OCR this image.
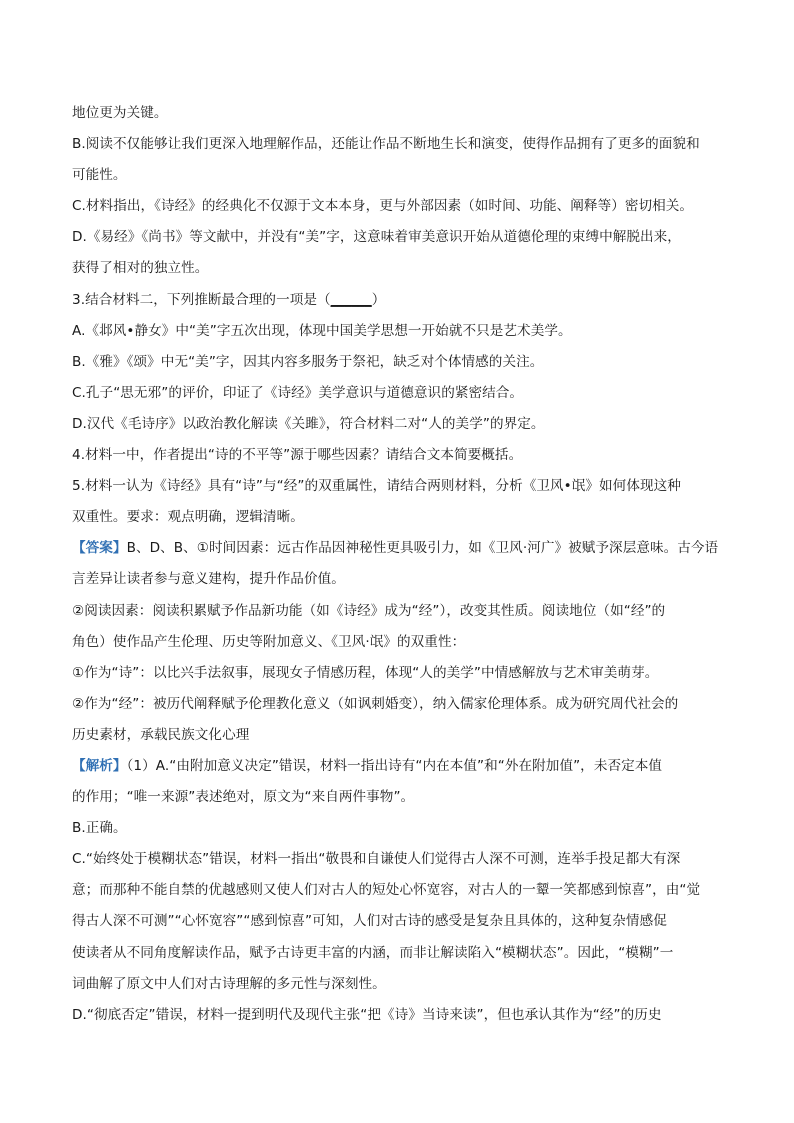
地位更为关键。
B.阅读不仅能够让我们更深入地理解作品，还能让作品不断地生长和演变，使得作品拥有了更多的面貌和
可能性。
C.材料指出，《诗经》的经典化不仅源于文本本身，更与外部因素（如时间、功能、阐释等）密切相关。
D.《易经》《尚书》等文献中，并没有“美”字，这意味着审美意识开始从道德伦理的束缚中解脱出来，
获得了相对的独立性。
3.结合材料二，下列推断最合理的一项是（______）
A.《邶风•静女》中“美”字五次出现，体现中国美学思想一开始就不只是艺术美学。
B.《雅》《颂》中无“美”字，因其内容多服务于祭祀，缺乏对个体情感的关注。
C.孔子“思无邪”的评价，印证了《诗经》美学意识与道德意识的紧密结合。
D.汉代《毛诗序》以政治教化解读《关雎》，符合材料二对“人的美学”的界定。
4.材料一中，作者提出“诗的不平等”源于哪些因素？请结合文本简要概括。
5.材料一认为《诗经》具有“诗”与“经”的双重属性，请结合两则材料，分析《卫风•氓》如何体现这种
双重性。要求：观点明确，逻辑清晰。
【答案】B、D、B、①时间因素：远古作品因神秘性更具吸引力，如《卫风·河广》被赋予深层意味。古今语
言差异让读者参与意义建构，提升作品价值。
②阅读因素：阅读积累赋予作品新功能（如《诗经》成为“经”），改变其性质。阅读地位（如“经”的
角色）使作品产生伦理、历史等附加意义、《卫风·氓》的双重性：
①作为“诗”：以比兴手法叙事，展现女子情感历程，体现“人的美学”中情感解放与艺术审美萌芽。
②作为“经”：被历代阐释赋予伦理教化意义（如讽刺婚变），纳入儒家伦理体系。成为研究周代社会的
历史素材，承载民族文化心理
【解析】（1）A.“由附加意义决定”错误，材料一指出诗有“内在本值”和“外在附加值”，未否定本值
的作用；“唯一来源”表述绝对，原文为“来自两件事物”。
B.正确。
C.“始终处于模糊状态”错误，材料一指出“敬畏和自谦使人们觉得古人深不可测，连举手投足都大有深
意；而那种不能自禁的优越感则又使人们对古人的短处心怀宽容，对古人的一颦一笑都感到惊喜”，由“觉
得古人深不可测”“心怀宽容”“感到惊喜”可知，人们对古诗的感受是复杂且具体的，这种复杂情感促
使读者从不同角度解读作品，赋予古诗更丰富的内涵，而非让解读陷入“模糊状态”。因此，“模糊”一
词曲解了原文中人们对古诗理解的多元性与深刻性。
D.“彻底否定”错误，材料一提到明代及现代主张“把《诗》当诗来读”，但也承认其作为“经”的历史
